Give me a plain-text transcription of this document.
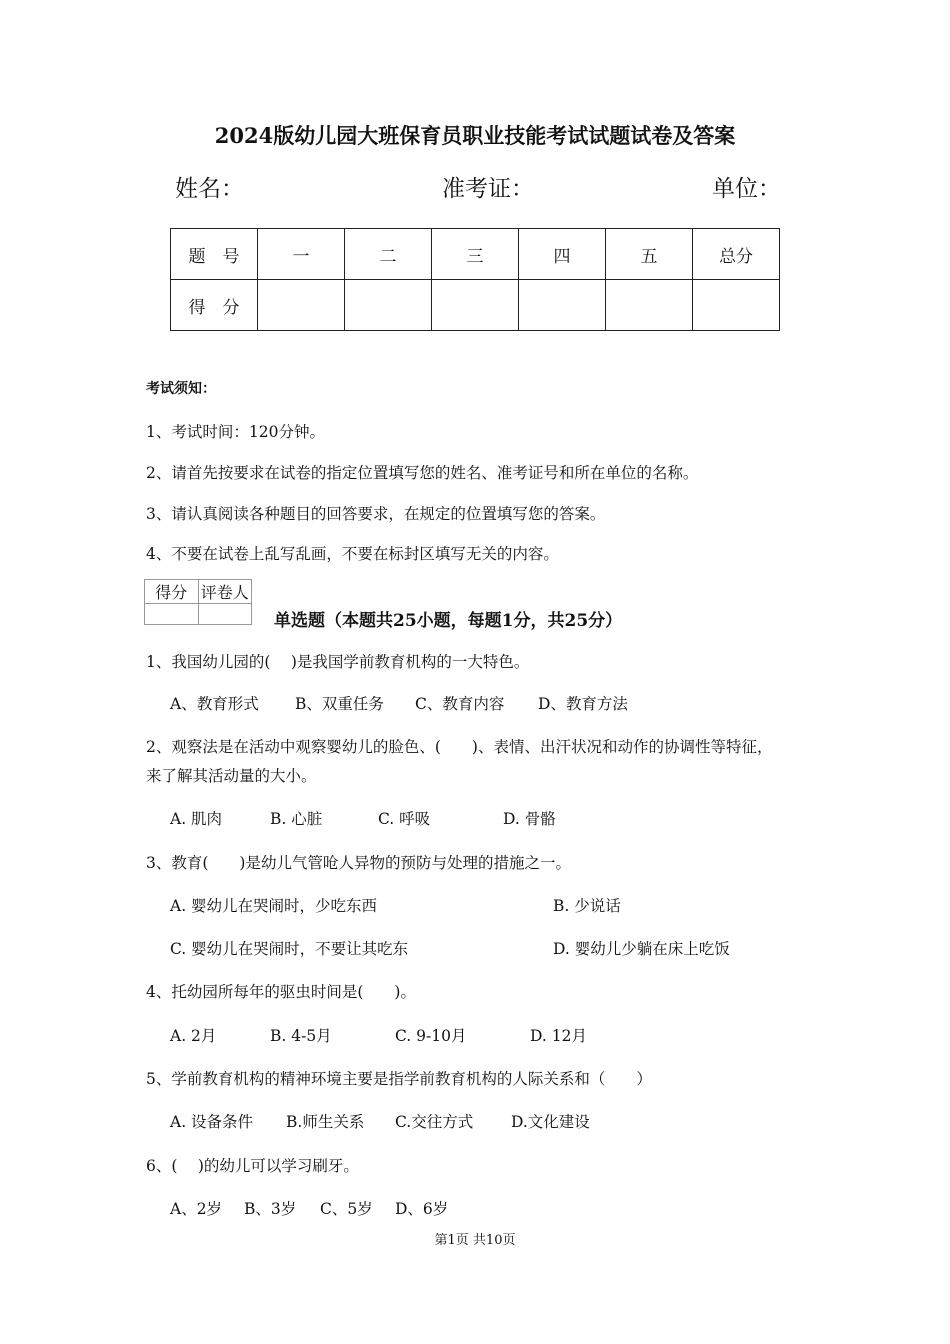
2024版幼儿园大班保育员职业技能考试试题试卷及答案
姓名：	准考证：	单位：
题　号	一	二	三	四	五	总分
得　分						
考试须知：
1、考试时间：120分钟。
2、请首先按要求在试卷的指定位置填写您的姓名、准考证号和所在单位的名称。
3、请认真阅读各种题目的回答要求，在规定的位置填写您的答案。
4、不要在试卷上乱写乱画，不要在标封区填写无关的内容。
得分	评卷人

单选题（本题共25小题，每题1分，共25分）
1、我国幼儿园的(　 )是我国学前教育机构的一大特色。
A、教育形式 B、双重任务 C、教育内容 D、教育方法
2、观察法是在活动中观察婴幼儿的脸色、(　　)、表情、出汗状况和动作的协调性等特征，
来了解其活动量的大小。
A. 肌肉	B. 心脏	C. 呼吸	D. 骨骼
3、教育(　　)是幼儿气管呛人异物的预防与处理的措施之一。
A. 婴幼儿在哭闹时，少吃东西	B. 少说话
C. 婴幼儿在哭闹时，不要让其吃东	D. 婴幼儿少躺在床上吃饭
4、托幼园所每年的驱虫时间是(　　)。
A. 2月	B. 4-5月	C. 9-10月	D. 12月
5、学前教育机构的精神环境主要是指学前教育机构的人际关系和（　　）
A. 设备条件 B.师生关系 C.交往方式 D.文化建设
6、(　 )的幼儿可以学习刷牙。
A、2岁 B、3岁 C、5岁 D、6岁
第1页 共10页
